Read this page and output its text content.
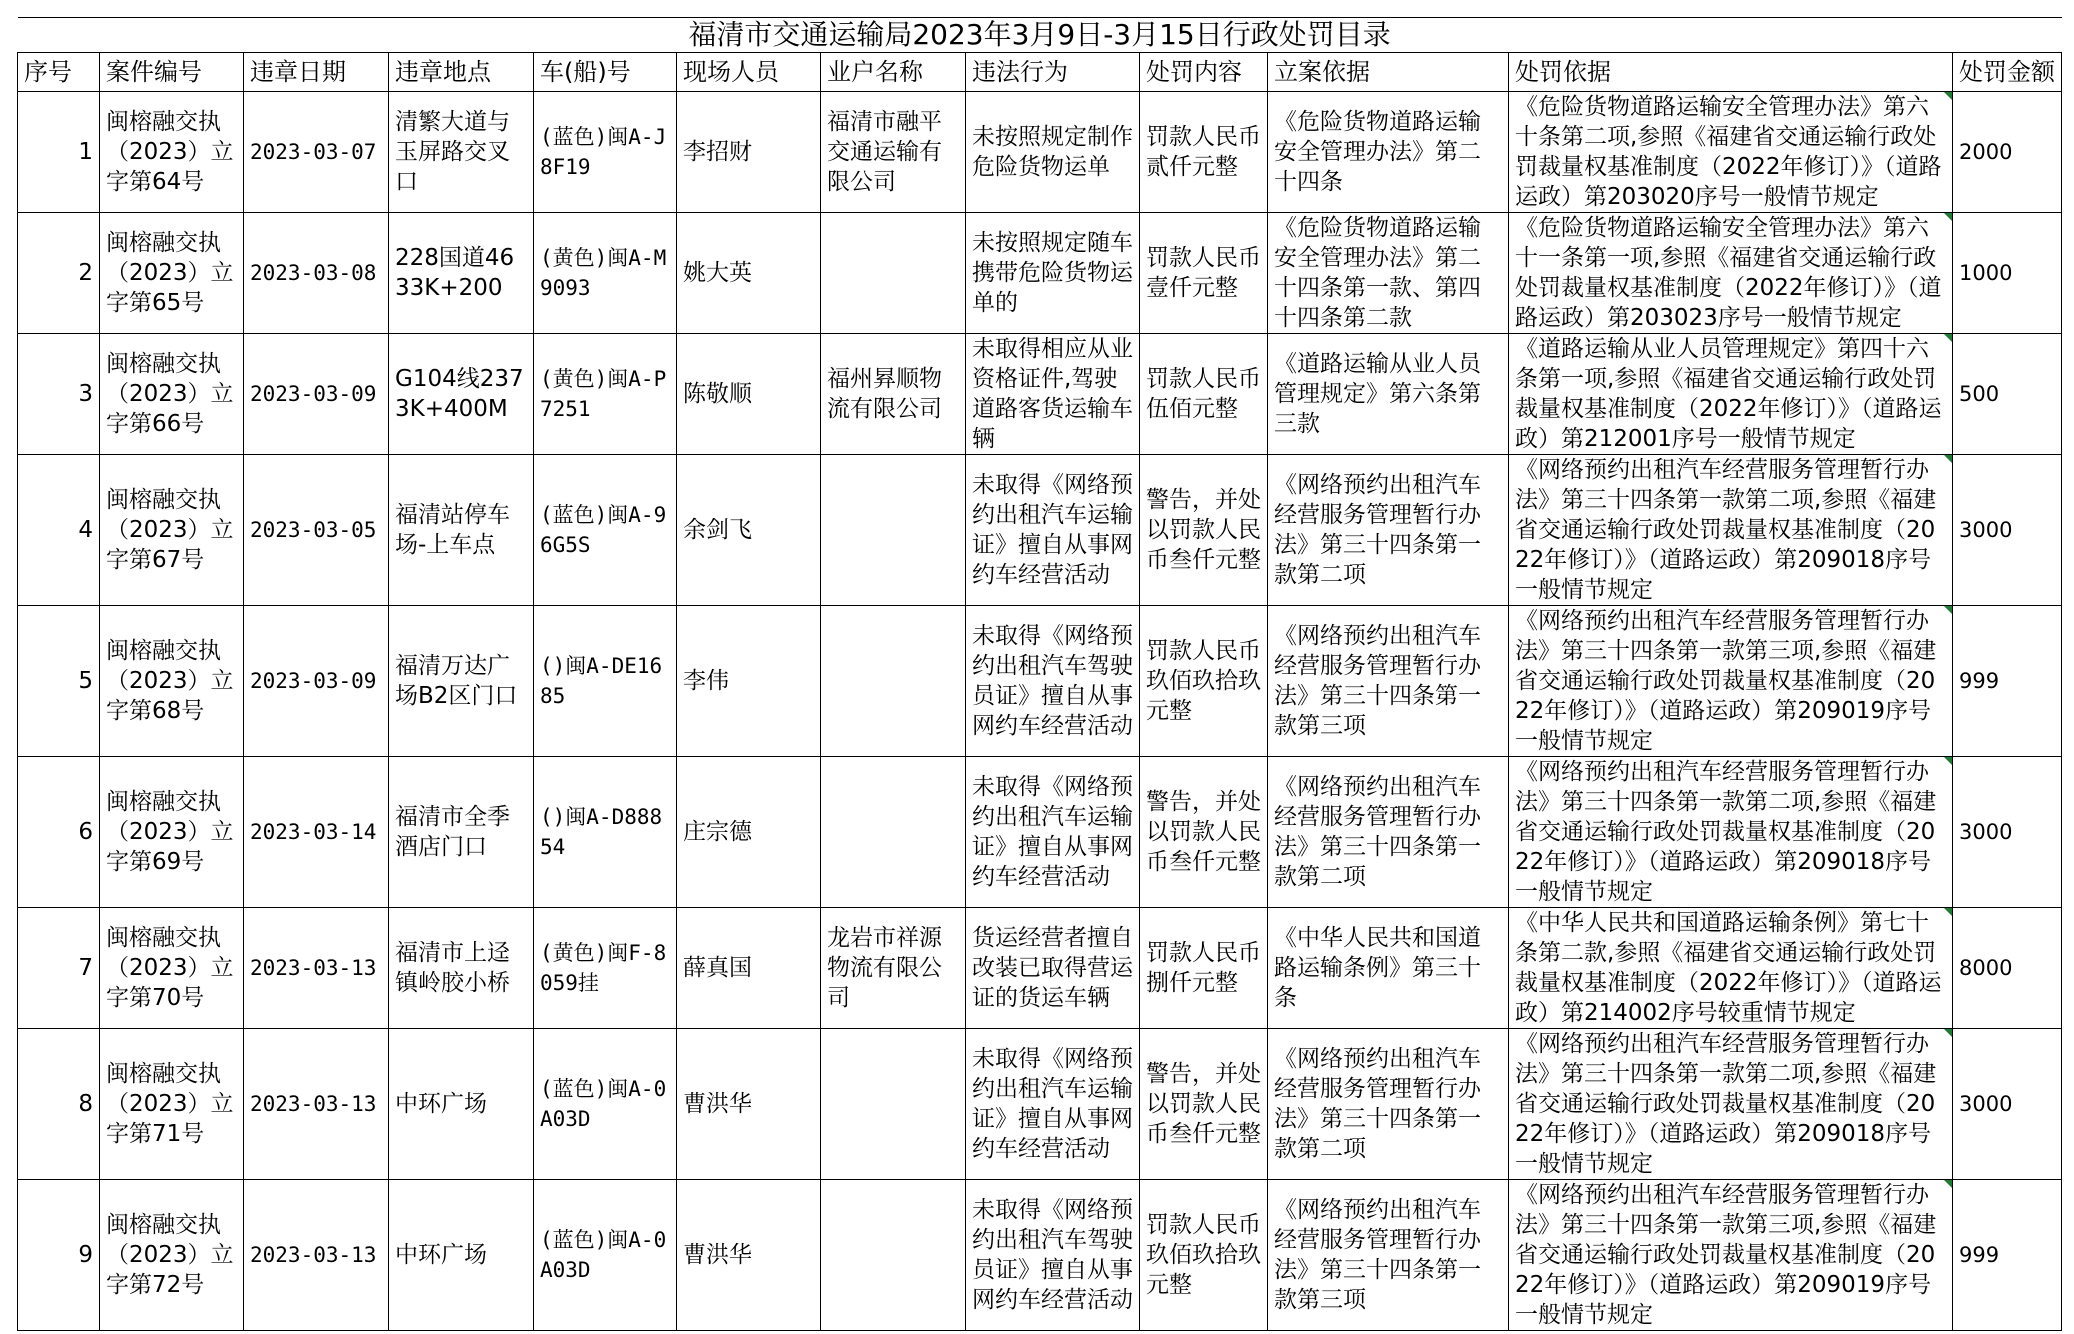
福清市交通运输局2023年3月9日-3月15日行政处罚目录											
序号	案件编号	违章日期	违章地点	车(船)号	现场人员	业户名称	违法行为	处罚内容	立案依据	处罚依据	处罚金额
1	闽榕融交执（2023）立字第64号	2023-03-07	清繁大道与玉屏路交叉口	(蓝色)闽A-J8F19	李招财	福清市融平交通运输有限公司	未按照规定制作危险货物运单	罚款人民币贰仟元整	《危险货物道路运输安全管理办法》第二十四条	《危险货物道路运输安全管理办法》第六十条第二项,参照《福建省交通运输行政处罚裁量权基准制度（2022年修订）》（道路运政）第203020序号一般情节规定	2000
2	闽榕融交执（2023）立字第65号	2023-03-08	228国道4633K+200	(黄色)闽A-M9093	姚大英		未按照规定随车携带危险货物运单的	罚款人民币壹仟元整	《危险货物道路运输安全管理办法》第二十四条第一款、第四十四条第二款	《危险货物道路运输安全管理办法》第六十一条第一项,参照《福建省交通运输行政处罚裁量权基准制度（2022年修订）》（道路运政）第203023序号一般情节规定	1000
3	闽榕融交执（2023）立字第66号	2023-03-09	G104线2373K+400M	(黄色)闽A-P7251	陈敬顺	福州昪顺物流有限公司	未取得相应从业资格证件,驾驶道路客货运输车辆	罚款人民币伍佰元整	《道路运输从业人员管理规定》第六条第三款	《道路运输从业人员管理规定》第四十六条第一项,参照《福建省交通运输行政处罚裁量权基准制度（2022年修订）》（道路运政）第212001序号一般情节规定	500
4	闽榕融交执（2023）立字第67号	2023-03-05	福清站停车场-上车点	(蓝色)闽A-96G5S	余剑飞		未取得《网络预约出租汽车运输证》擅自从事网约车经营活动	警告，并处以罚款人民币叁仟元整	《网络预约出租汽车经营服务管理暂行办法》第三十四条第一款第二项	《网络预约出租汽车经营服务管理暂行办法》第三十四条第一款第二项,参照《福建省交通运输行政处罚裁量权基准制度（2022年修订）》（道路运政）第209018序号一般情节规定	3000
5	闽榕融交执（2023）立字第68号	2023-03-09	福清万达广场B2区门口	()闽A-DE1685	李伟		未取得《网络预约出租汽车驾驶员证》擅自从事网约车经营活动	罚款人民币玖佰玖拾玖元整	《网络预约出租汽车经营服务管理暂行办法》第三十四条第一款第三项	《网络预约出租汽车经营服务管理暂行办法》第三十四条第一款第三项,参照《福建省交通运输行政处罚裁量权基准制度（2022年修订）》（道路运政）第209019序号一般情节规定	999
6	闽榕融交执（2023）立字第69号	2023-03-14	福清市全季酒店门口	()闽A-D88854	庄宗德		未取得《网络预约出租汽车运输证》擅自从事网约车经营活动	警告，并处以罚款人民币叁仟元整	《网络预约出租汽车经营服务管理暂行办法》第三十四条第一款第二项	《网络预约出租汽车经营服务管理暂行办法》第三十四条第一款第二项,参照《福建省交通运输行政处罚裁量权基准制度（2022年修订）》（道路运政）第209018序号一般情节规定	3000
7	闽榕融交执（2023）立字第70号	2023-03-13	福清市上迳镇岭胶小桥	(黄色)闽F-8059挂	薛真国	龙岩市祥源物流有限公司	货运经营者擅自改装已取得营运证的货运车辆	罚款人民币捌仟元整	《中华人民共和国道路运输条例》第三十条	《中华人民共和国道路运输条例》第七十条第二款,参照《福建省交通运输行政处罚裁量权基准制度（2022年修订）》（道路运政）第214002序号较重情节规定	8000
8	闽榕融交执（2023）立字第71号	2023-03-13	中环广场	(蓝色)闽A-0A03D	曹洪华		未取得《网络预约出租汽车运输证》擅自从事网约车经营活动	警告，并处以罚款人民币叁仟元整	《网络预约出租汽车经营服务管理暂行办法》第三十四条第一款第二项	《网络预约出租汽车经营服务管理暂行办法》第三十四条第一款第二项,参照《福建省交通运输行政处罚裁量权基准制度（2022年修订）》（道路运政）第209018序号一般情节规定	3000
9	闽榕融交执（2023）立字第72号	2023-03-13	中环广场	(蓝色)闽A-0A03D	曹洪华		未取得《网络预约出租汽车驾驶员证》擅自从事网约车经营活动	罚款人民币玖佰玖拾玖元整	《网络预约出租汽车经营服务管理暂行办法》第三十四条第一款第三项	《网络预约出租汽车经营服务管理暂行办法》第三十四条第一款第三项,参照《福建省交通运输行政处罚裁量权基准制度（2022年修订）》（道路运政）第209019序号一般情节规定	999
